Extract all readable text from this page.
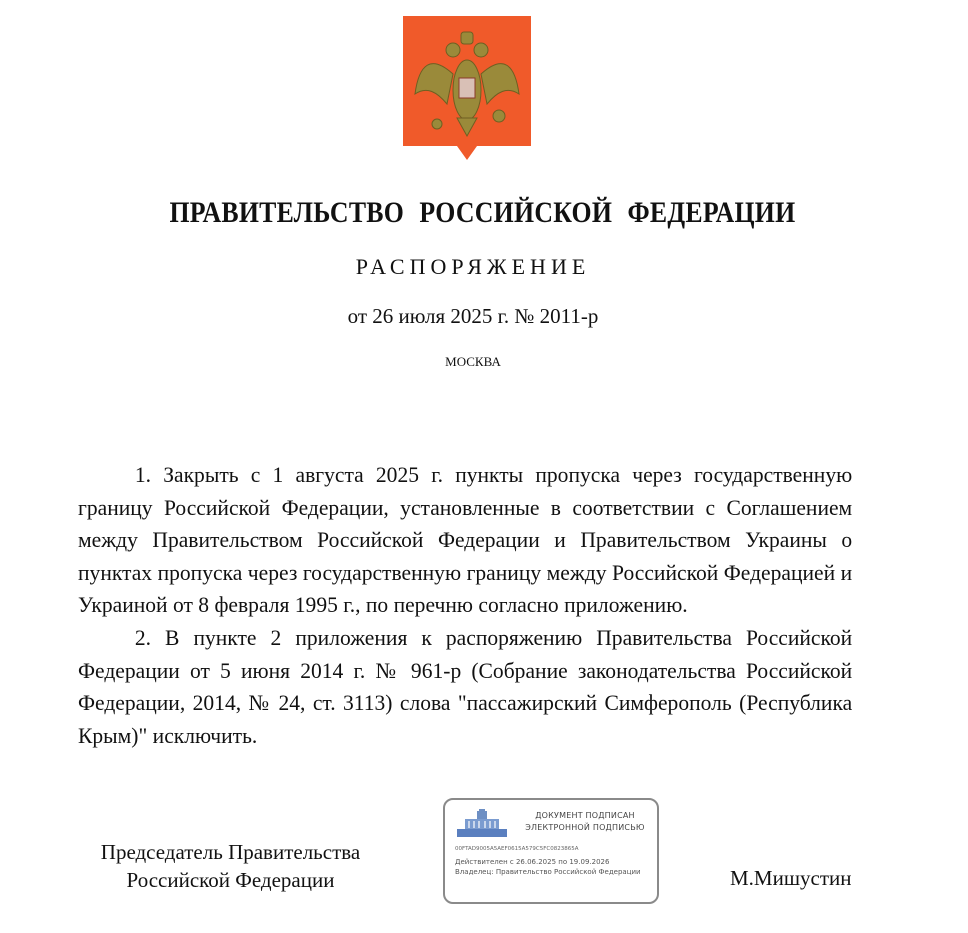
ПРАВИТЕЛЬСТВО РОССИЙСКОЙ ФЕДЕРАЦИИ
РАСПОРЯЖЕНИЕ
от 26 июля 2025 г. № 2011-р
МОСКВА

1. Закрыть с 1 августа 2025 г. пункты пропуска через государственную границу Российской Федерации, установленные в соответствии с Соглашением между Правительством Российской Федерации и Правительством Украины о пунктах пропуска через государственную границу между Российской Федерацией и Украиной от 8 февраля 1995 г., по перечню согласно приложению.

2. В пункте 2 приложения к распоряжению Правительства Российской Федерации от 5 июня 2014 г. № 961-р (Собрание законодательства Российской Федерации, 2014, № 24, ст. 3113) слова "пассажирский Симферополь (Республика Крым)" исключить.

Председатель Правительства
Российской Федерации
ДОКУМЕНТ ПОДПИСАН
ЭЛЕКТРОННОЙ ПОДПИСЬЮ
00FTAD9005A5AEF0615A579C5FC0823865A
Действителен с 26.06.2025 по 19.09.2026
Владелец: Правительство Российской Федерации	М.Мишустин
